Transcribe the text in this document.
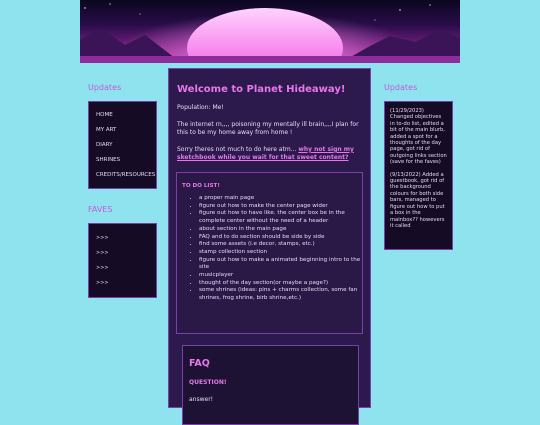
Updates
HOME
MY ART
DIARY
SHRINES
CREDITS/RESOURCES
FAVES
>>>
>>>
>>>
>>>
Welcome to Planet Hideaway!

Population: Me!

The internet rn,,,, poisoning my mentally ill brain,,,,I plan for this to be my home away from home !

Sorry theres not much to do here atm... why not sign my sketchbook while you wait for that sweet content?

TO DO LIST!
• a proper main page
• figure out how to make the center page wider
• figure out how to have like. the center box be in the complete center without the need of a header
• about section in the main page
• FAQ and to do section should be side by side
• find some assets (i.e decor, stamps, etc.)
• stamp collection section
• figure out how to make a animated beginning intro to the site
• musicplayer
• thought of the day section(or maybe a page?)
• some shrines (ideas: pins + charms collection, some fan shrines, frog shrine, birb shrine,etc.)
FAQ
QUESTION!
answer!
Updates

(11/29/2023) Changed objectives in to-do list, edited a bit of the main blurb, added a spot for a thoughts of the day page, got rid of outgoing links section (save for the faves)

(9/13/2022) Added a guestbook, got rid of the background colours for both side bars, managed to figure out how to put a box in the mainbox?? howevers it called
